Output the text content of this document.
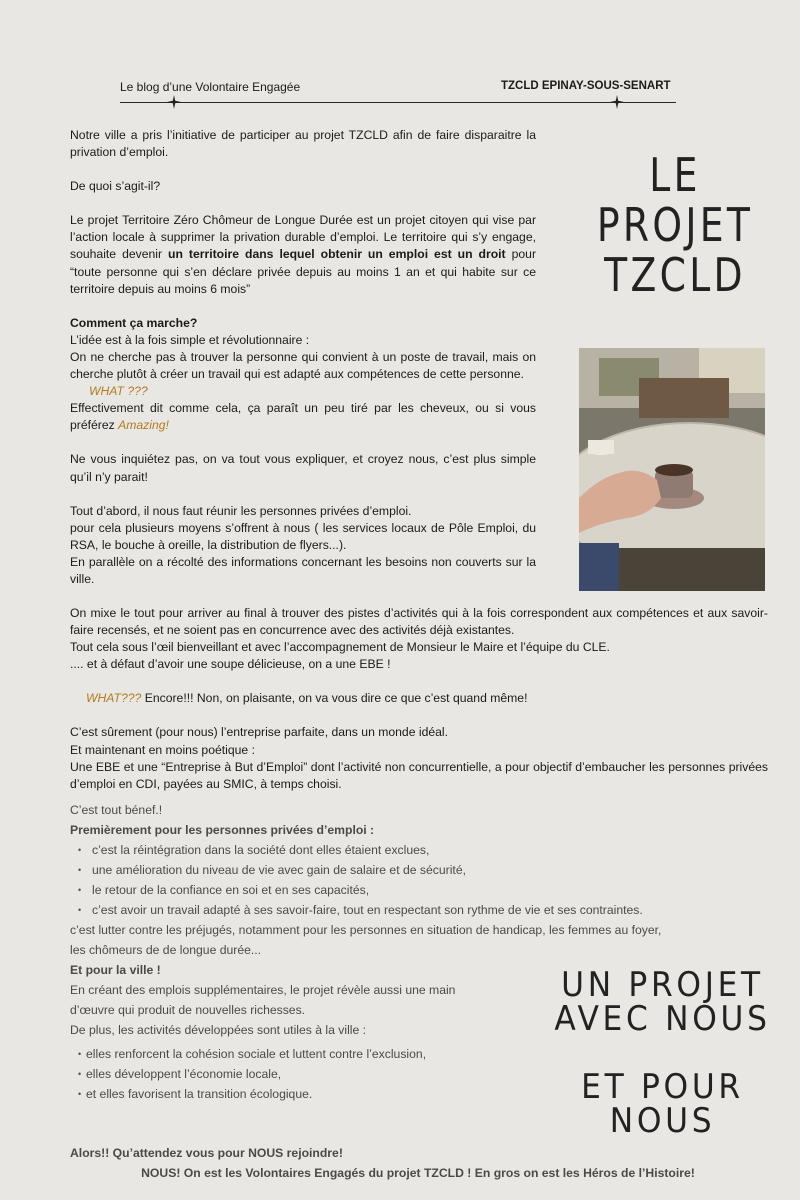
Le blog d’une Volontaire Engagée	TZCLD EPINAY-SOUS-SENART
LE
PROJET
TZCLD

Notre ville a pris l’initiative de participer au projet TZCLD afin de faire disparaitre la privation d’emploi.

De quoi s’agit-il?

Le projet Territoire Zéro Chômeur de Longue Durée est un projet citoyen qui vise par l’action locale à supprimer la privation durable d’emploi. Le territoire qui s’y engage, souhaite devenir un territoire dans lequel obtenir un emploi est un droit pour “toute personne qui s’en déclare privée depuis au moins 1 an et qui habite sur ce territoire depuis au moins 6 mois”

Comment ça marche?

L’idée est à la fois simple et révolutionnaire :

On ne cherche pas à trouver la personne qui convient à un poste de travail, mais on cherche plutôt à créer un travail qui est adapté aux compétences de cette personne.

WHAT ???

Effectivement dit comme cela, ça paraît un peu tiré par les cheveux, ou si vous préférez Amazing!

Ne vous inquiétez pas, on va tout vous expliquer, et croyez nous, c’est plus simple qu’il n’y parait!

Tout d’abord, il nous faut réunir les personnes privées d’emploi.

pour cela plusieurs moyens s’offrent à nous ( les services locaux de Pôle Emploi, du RSA, le bouche à oreille, la distribution de flyers...).

En parallèle on a récolté des informations concernant les besoins non couverts sur la ville.

On mixe le tout pour arriver au final à trouver des pistes d’activités qui à la fois correspondent aux compétences et aux savoir-faire recensés, et ne soient pas en concurrence avec des activités déjà existantes.

Tout cela sous l’œil bienveillant et avec l’accompagnement de Monsieur le Maire et l’équipe du CLE.

.... et à défaut d’avoir une soupe délicieuse, on a une EBE !

WHAT??? Encore!!! Non, on plaisante, on va vous dire ce que c’est quand même!

C’est sûrement (pour nous) l’entreprise parfaite, dans un monde idéal.

Et maintenant en moins poétique :

Une EBE et une “Entreprise à But d’Emploi” dont l’activité non concurrentielle, a pour objectif d’embaucher les personnes privées d’emploi en CDI, payées au SMIC, à temps choisi.

C’est tout bénef.!
Premièrement pour les personnes privées d’emploi :
• c’est la réintégration dans la société dont elles étaient exclues,
• une amélioration du niveau de vie avec gain de salaire et de sécurité,
• le retour de la confiance en soi et en ses capacités,
• c’est avoir un travail adapté à ses savoir-faire, tout en respectant son rythme de vie et ses contraintes.
c’est lutter contre les préjugés, notamment pour les personnes en situation de handicap, les femmes au foyer,
les chômeurs de de longue durée...
Et pour la ville !
En créant des emplois supplémentaires, le projet révèle aussi une main
d’œuvre qui produit de nouvelles richesses.
De plus, les activités développées sont utiles à la ville :
• elles renforcent la cohésion sociale et luttent contre l’exclusion,
• elles développent l’économie locale,
• et elles favorisent la transition écologique.
UN PROJET
AVEC NOUS
ET POUR
NOUS
Alors!! Qu’attendez vous pour NOUS rejoindre!
NOUS! On est les Volontaires Engagés du projet TZCLD ! En gros on est les Héros de l’Histoire!
